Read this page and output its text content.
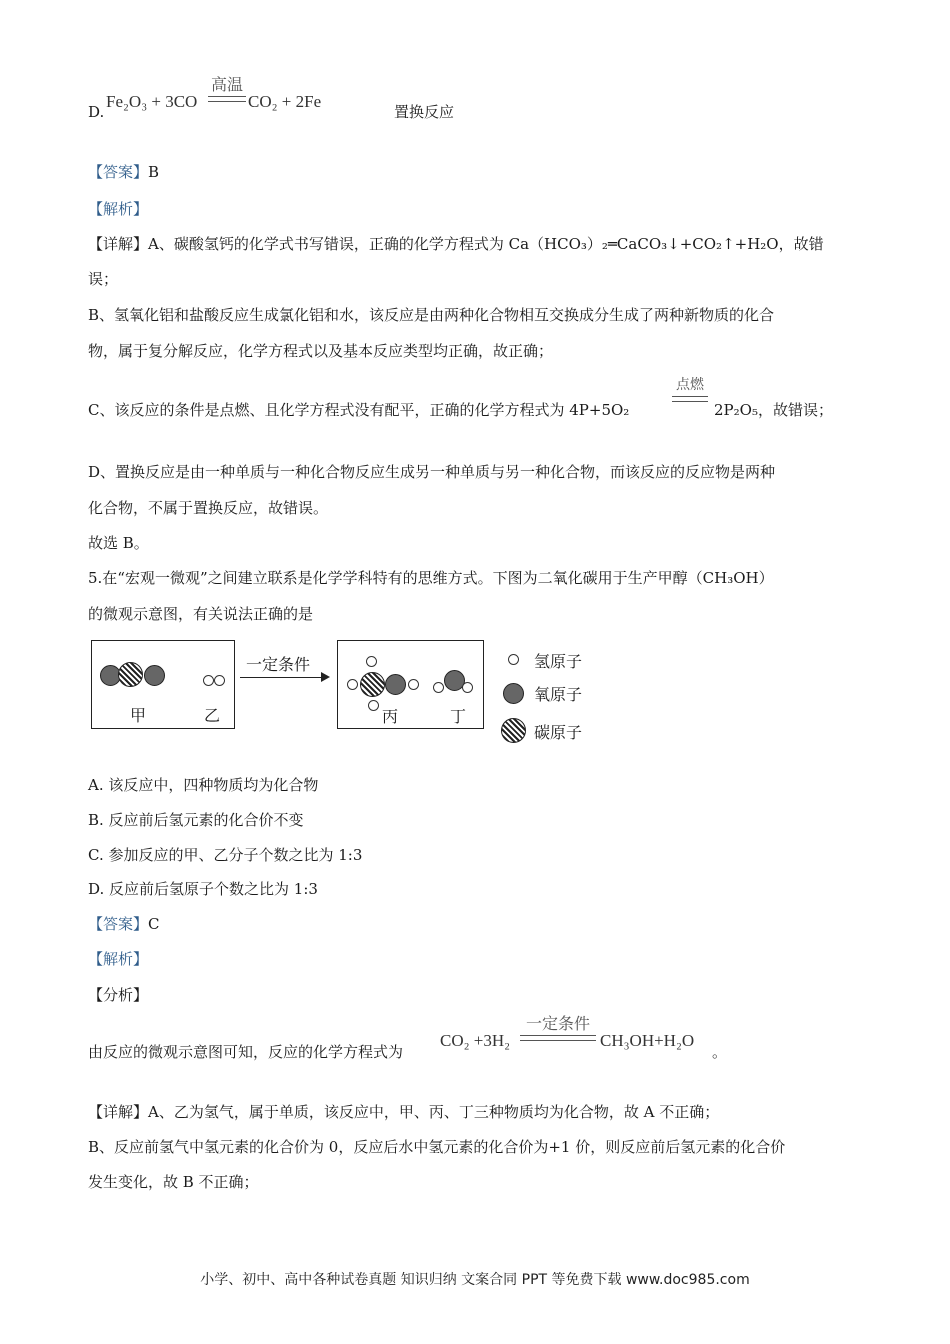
D.
Fe₂O₃ + 3CO
高温
CO₂ + 2Fe
置换反应
【答案】B
【解析】
【详解】A、碳酸氢钙的化学式书写错误，正确的化学方程式为 Ca（HCO₃）₂═CaCO₃↓+CO₂↑+H₂O，故错
误；
B、氢氧化铝和盐酸反应生成氯化铝和水，该反应是由两种化合物相互交换成分生成了两种新物质的化合
物，属于复分解反应，化学方程式以及基本反应类型均正确，故正确；
C、该反应的条件是点燃、且化学方程式没有配平，正确的化学方程式为 4P+5O₂
点燃
2P₂O₅，故错误；
D、置换反应是由一种单质与一种化合物反应生成另一种单质与另一种化合物，而该反应的反应物是两种
化合物，不属于置换反应，故错误。
故选 B。
5.在“宏观一微观”之间建立联系是化学学科特有的思维方式。下图为二氧化碳用于生产甲醇（CH₃OH）
的微观示意图，有关说法正确的是
甲	乙
一定条件
丙	丁
氢原子
氧原子
碳原子
A. 该反应中，四种物质均为化合物
B. 反应前后氢元素的化合价不变
C. 参加反应的甲、乙分子个数之比为 1:3
D. 反应前后氢原子个数之比为 1:3
【答案】C
【解析】
【分析】
由反应的微观示意图可知，反应的化学方程式为
CO₂ +3H₂
一定条件
CH₃OH+H₂O
。
【详解】A、乙为氢气，属于单质，该反应中，甲、丙、丁三种物质均为化合物，故 A 不正确；
B、反应前氢气中氢元素的化合价为 0，反应后水中氢元素的化合价为+1 价，则反应前后氢元素的化合价
发生变化，故 B 不正确；
小学、初中、高中各种试卷真题 知识归纳 文案合同 PPT 等免费下载 www.doc985.com
